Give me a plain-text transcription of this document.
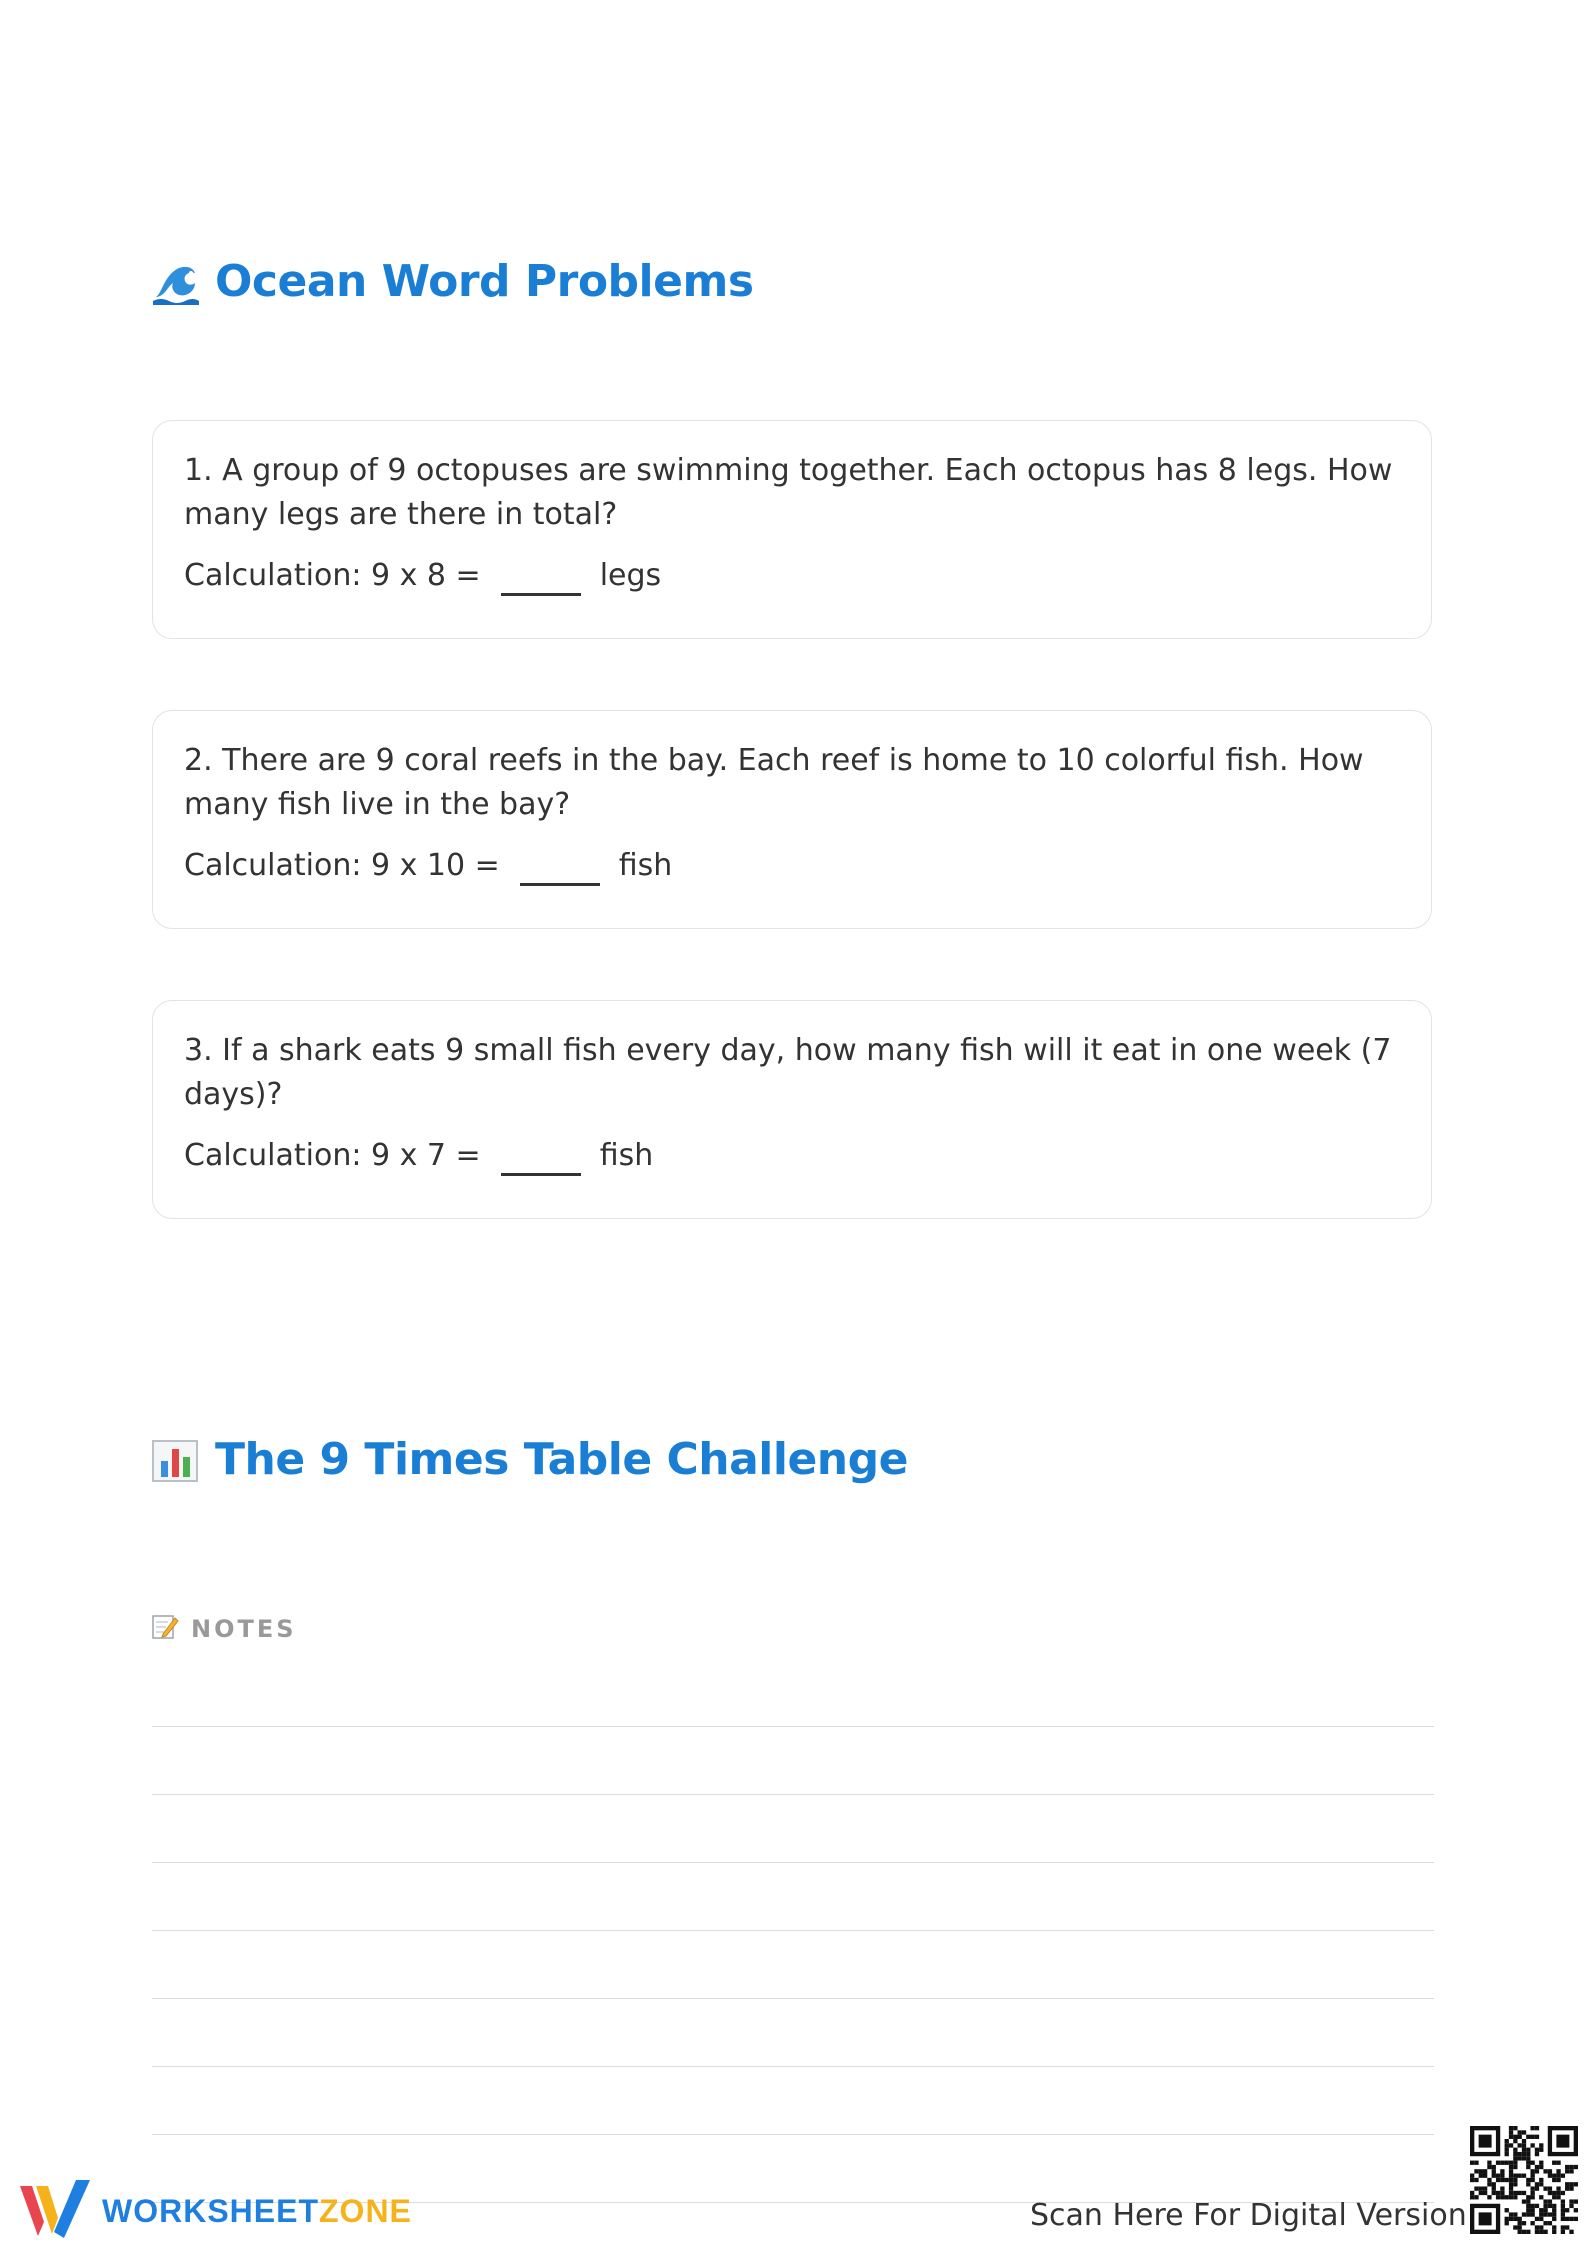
Ocean Word Problems

1. A group of 9 octopuses are swimming together. Each octopus has 8 legs. How many legs are there in total?

Calculation: 9 x 8 =	legs

2. There are 9 coral reefs in the bay. Each reef is home to 10 colorful fish. How many fish live in the bay?

Calculation: 9 x 10 =	fish

3. If a shark eats 9 small fish every day, how many fish will it eat in one week (7 days)?

Calculation: 9 x 7 =	fish
The 9 Times Table Challenge
NOTES
WORKSHEETZONE	Scan Here For Digital Version
